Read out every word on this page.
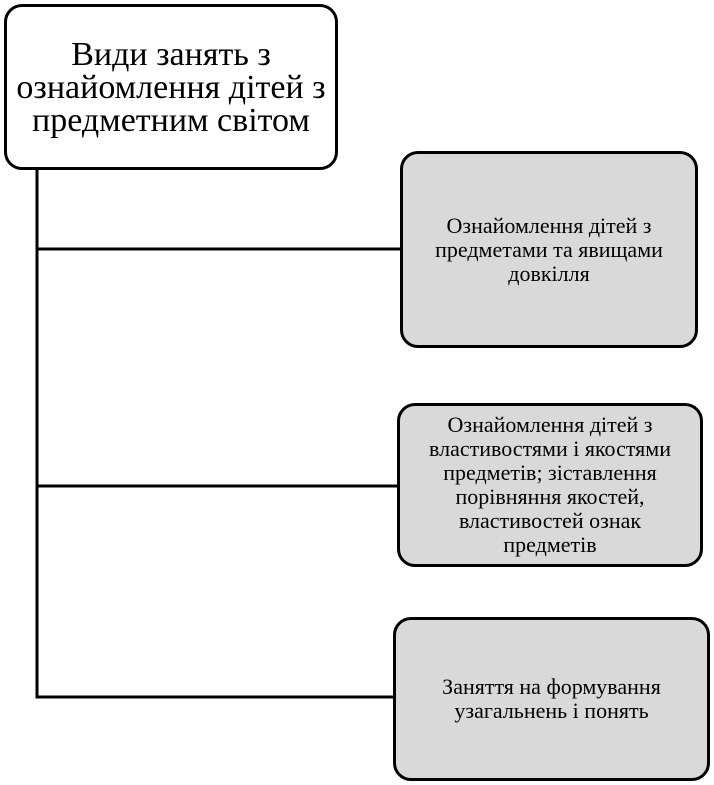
Види занять з ознайомлення дітей з предметним світом
Ознайомлення дітей з предметами та явищами довкілля
Ознайомлення дітей з властивостями і якостями предметів; зіставлення порівняння якостей, властивостей ознак предметів
Заняття на формування узагальнень і понять
